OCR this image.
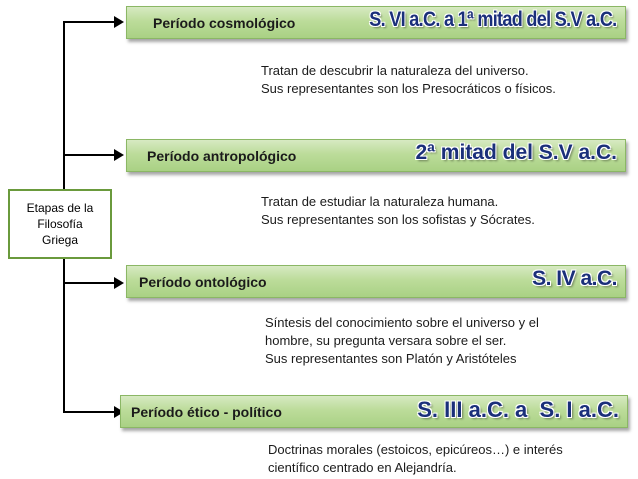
Etapas de la
Filosofía
Griega
Período cosmológico	S. VI a.C. a 1ª mitad del S.V a.C.
Tratan de descubrir la naturaleza del universo.
Sus representantes son los Presocráticos o físicos.
Período antropológico	2ª mitad del S.V a.C.
Tratan de estudiar la naturaleza humana.
Sus representantes son los sofistas y Sócrates.
Período ontológico	S. IV a.C.
Síntesis del conocimiento sobre el universo y el
hombre, su pregunta versara sobre el ser.
Sus representantes son Platón y Aristóteles
Período ético - político	S. III a.C. a  S. I a.C.
Doctrinas morales (estoicos, epicúreos…) e interés
científico centrado en Alejandría.
